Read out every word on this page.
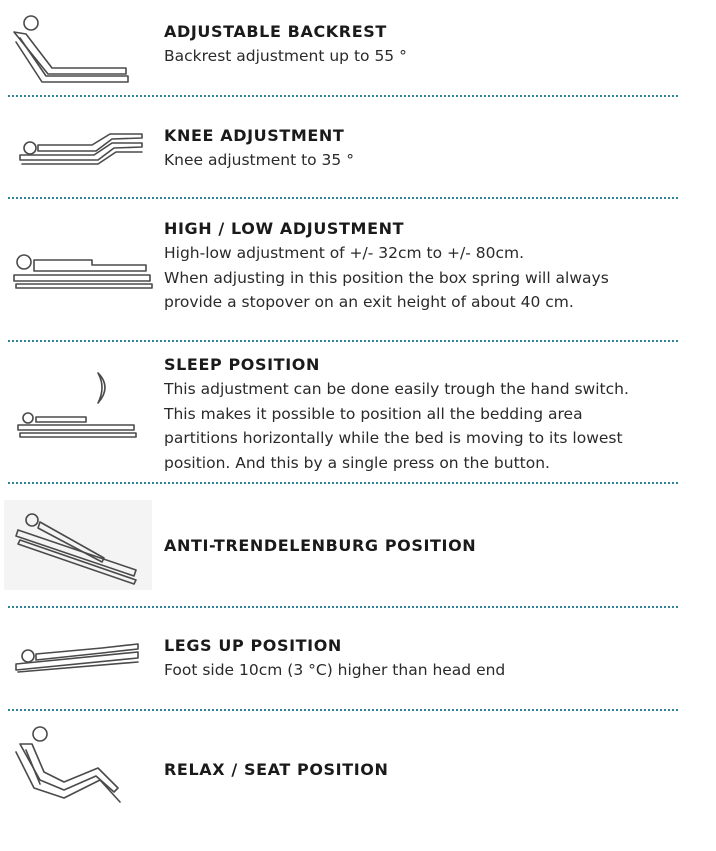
ADJUSTABLE BACKREST
Backrest adjustment up to 55 °
KNEE ADJUSTMENT
Knee adjustment to 35 °
HIGH / LOW ADJUSTMENT
High-low adjustment of +/- 32cm to +/- 80cm.
When adjusting in this position the box spring will always
provide a stopover on an exit height of about 40 cm.
SLEEP POSITION
This adjustment can be done easily trough the hand switch.
This makes it possible to position all the bedding area
partitions horizontally while the bed is moving to its lowest
position. And this by a single press on the button.
ANTI-TRENDELENBURG POSITION
LEGS UP POSITION
Foot side 10cm (3 °C) higher than head end
RELAX / SEAT POSITION
